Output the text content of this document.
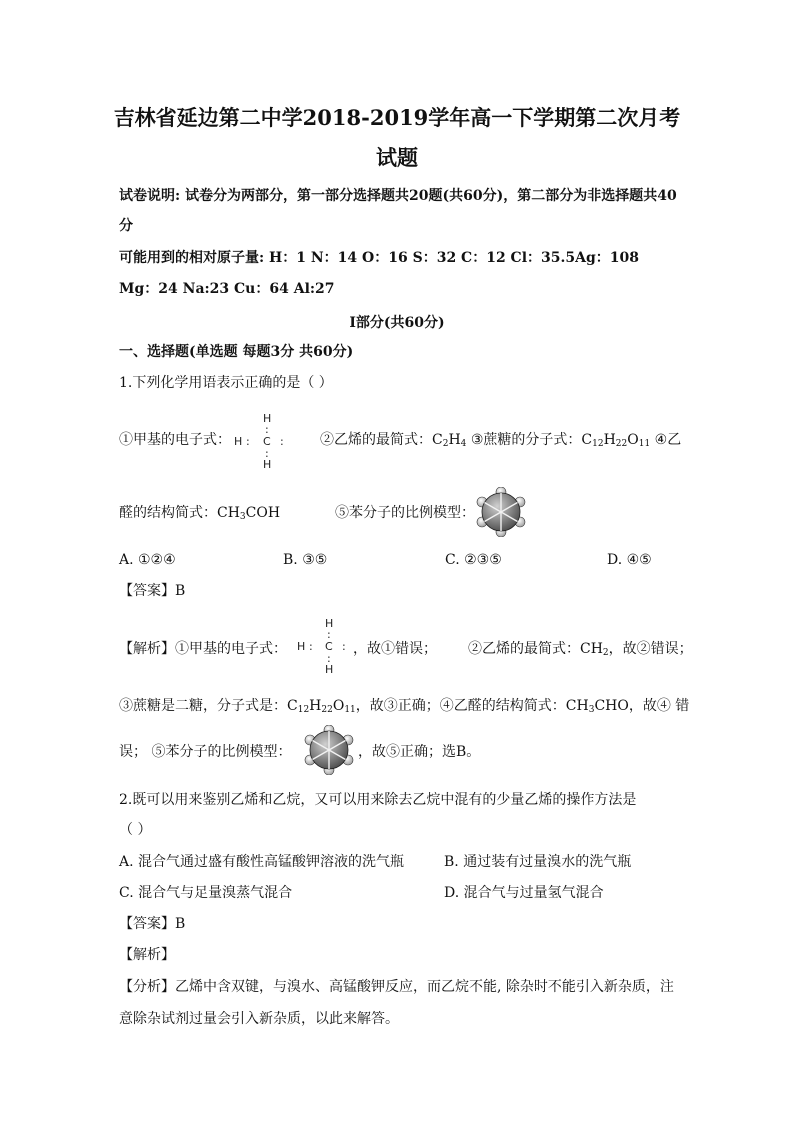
吉林省延边第二中学2018-2019学年高一下学期第二次月考
试题
试卷说明: 试卷分为两部分，第一部分选择题共20题(共60分)，第二部分为非选择题共40
分
可能用到的相对原子量: H：1 N：14 O：16 S：32 C：12 Cl：35.5Ag：108
Mg：24 Na:23 Cu：64 Al:27
I部分(共60分)
一、选择题(单选题 每题3分 共60分)
1.下列化学用语表示正确的是（ ）
①甲基的电子式：
H
:
H : C :
:
H
②乙烯的最简式：$C_2H_4$ ③蔗糖的分子式：$C_{12}H_{22}O_{11}$ ④乙
醛的结构简式：$CH_3COH$	⑤苯分子的比例模型：
A. ①②④	B. ③⑤	C. ②③⑤	D. ④⑤
【答案】B
【解析】①甲基的电子式：
H
:
H : C :
:
H
，故①错误； ②乙烯的最简式：$CH_2$，故②错误；
③蔗糖是二糖，分子式是：$C_{12}H_{22}O_{11}$，故③正确；④乙醛的结构简式：$CH_3CHO$，故④ 错
误； ⑤苯分子的比例模型：	，故⑤正确；选B。
2.既可以用来鉴别乙烯和乙烷，又可以用来除去乙烷中混有的少量乙烯的操作方法是
（ ）
A. 混合气通过盛有酸性高锰酸钾溶液的洗气瓶	B. 通过装有过量溴水的洗气瓶
C. 混合气与足量溴蒸气混合	D. 混合气与过量氢气混合
【答案】B
【解析】
【分析】乙烯中含双键，与溴水、高锰酸钾反应，而乙烷不能, 除杂时不能引入新杂质，注
意除杂试剂过量会引入新杂质，以此来解答。
